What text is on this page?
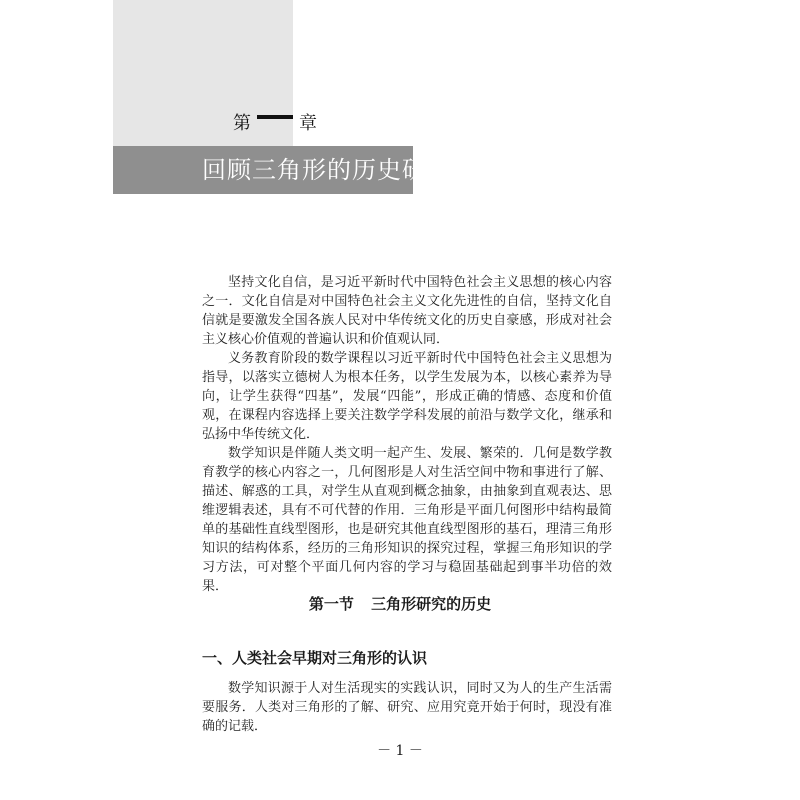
第	章
回顾三角形的历史研究

坚持文化自信，是习近平新时代中国特色社会主义思想的核心内容之一．文化自信是对中国特色社会主义文化先进性的自信，坚持文化自信就是要激发全国各族人民对中华传统文化的历史自豪感，形成对社会主义核心价值观的普遍认识和价值观认同．

义务教育阶段的数学课程以习近平新时代中国特色社会主义思想为指导，以落实立德树人为根本任务，以学生发展为本，以核心素养为导向，让学生获得“四基”，发展“四能”，形成正确的情感、态度和价值观，在课程内容选择上要关注数学学科发展的前沿与数学文化，继承和弘扬中华传统文化．

数学知识是伴随人类文明一起产生、发展、繁荣的．几何是数学教育教学的核心内容之一，几何图形是人对生活空间中物和事进行了解、描述、解惑的工具，对学生从直观到概念抽象，由抽象到直观表达、思维逻辑表述，具有不可代替的作用．三角形是平面几何图形中结构最简单的基础性直线型图形，也是研究其他直线型图形的基石，理清三角形知识的结构体系，经历的三角形知识的探究过程，掌握三角形知识的学习方法，可对整个平面几何内容的学习与稳固基础起到事半功倍的效果．

第一节 三角形研究的历史
一、人类社会早期对三角形的认识

数学知识源于人对生活现实的实践认识，同时又为人的生产生活需要服务．人类对三角形的了解、研究、应用究竟开始于何时，现没有准确的记载．

－ 1 －
